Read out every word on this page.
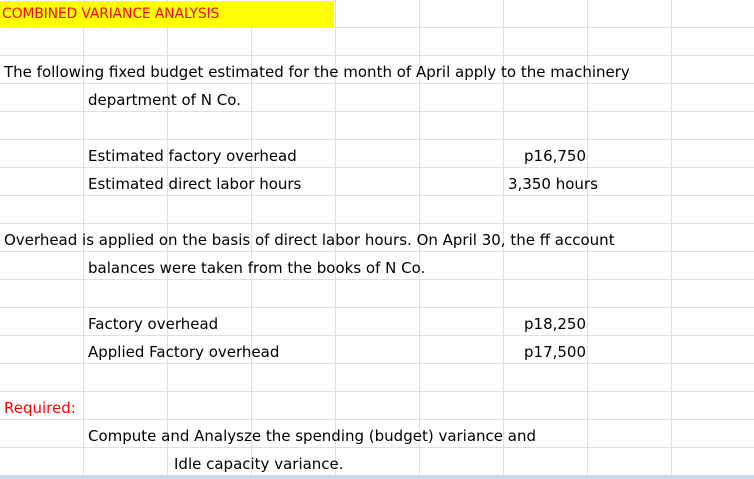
COMBINED VARIANCE ANALYSIS
The following fixed budget estimated for the month of April apply to the machinery
department of N Co.
Estimated factory overhead	p16,750
Estimated direct labor hours	3,350 hours
Overhead is applied on the basis of direct labor hours. On April 30, the ff account
balances were taken from the books of N Co.
Factory overhead	p18,250
Applied Factory overhead	p17,500
Required:
Compute and Analysze the spending (budget) variance and
Idle capacity variance.
